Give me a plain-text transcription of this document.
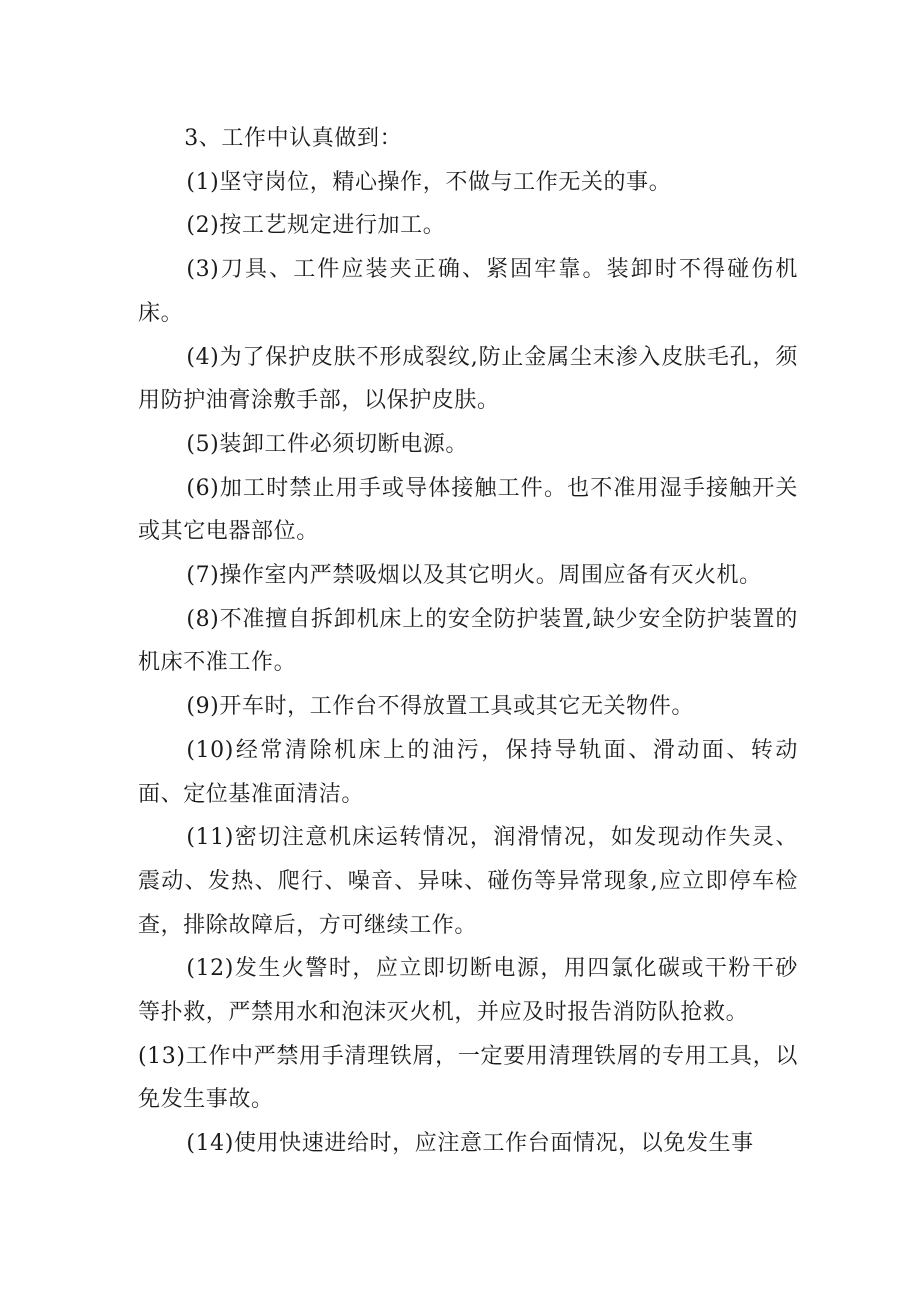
3、工作中认真做到：

(1)坚守岗位，精心操作，不做与工作无关的事。

(2)按工艺规定进行加工。

(3)刀具、工件应装夹正确、紧固牢靠。装卸时不得碰伤机床。

(4)为了保护皮肤不形成裂纹,防止金属尘末渗入皮肤毛孔，须用防护油膏涂敷手部，以保护皮肤。

(5)装卸工件必须切断电源。

(6)加工时禁止用手或导体接触工件。也不准用湿手接触开关或其它电器部位。

(7)操作室内严禁吸烟以及其它明火。周围应备有灭火机。

(8)不准擅自拆卸机床上的安全防护装置,缺少安全防护装置的机床不准工作。

(9)开车时，工作台不得放置工具或其它无关物件。

(10)经常清除机床上的油污，保持导轨面、滑动面、转动面、定位基准面清洁。

(11)密切注意机床运转情况，润滑情况，如发现动作失灵、震动、发热、爬行、噪音、异味、碰伤等异常现象,应立即停车检查，排除故障后，方可继续工作。

(12)发生火警时，应立即切断电源，用四氯化碳或干粉干砂等扑救，严禁用水和泡沫灭火机，并应及时报告消防队抢救。

(13)工作中严禁用手清理铁屑，一定要用清理铁屑的专用工具，以免发生事故。

(14)使用快速进给时，应注意工作台面情况，以免发生事
